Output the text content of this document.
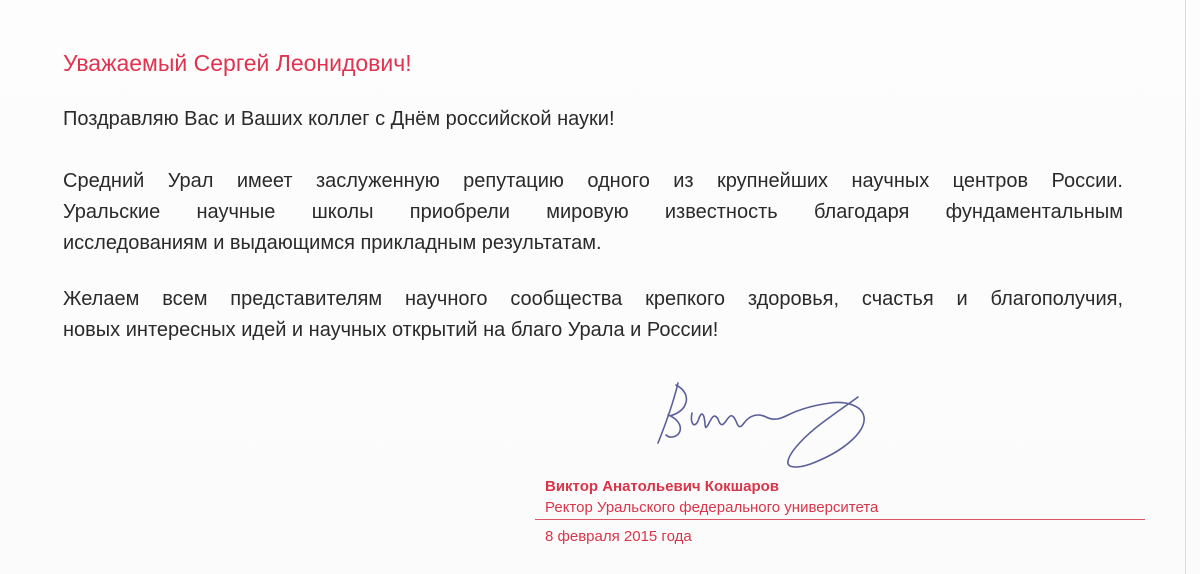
Уважаемый Сергей Леонидович!
Поздравляю Вас и Ваших коллег с Днём российской науки!
Средний Урал имеет заслуженную репутацию одного из крупнейших научных центров России.
Уральские научные школы приобрели мировую известность благодаря фундаментальным
исследованиям и выдающимся прикладным результатам.
Желаем всем представителям научного сообщества крепкого здоровья, счастья и благополучия,
новых интересных идей и научных открытий на благо Урала и России!
Виктор Анатольевич Кокшаров
Ректор Уральского федерального университета
8 февраля 2015 года
